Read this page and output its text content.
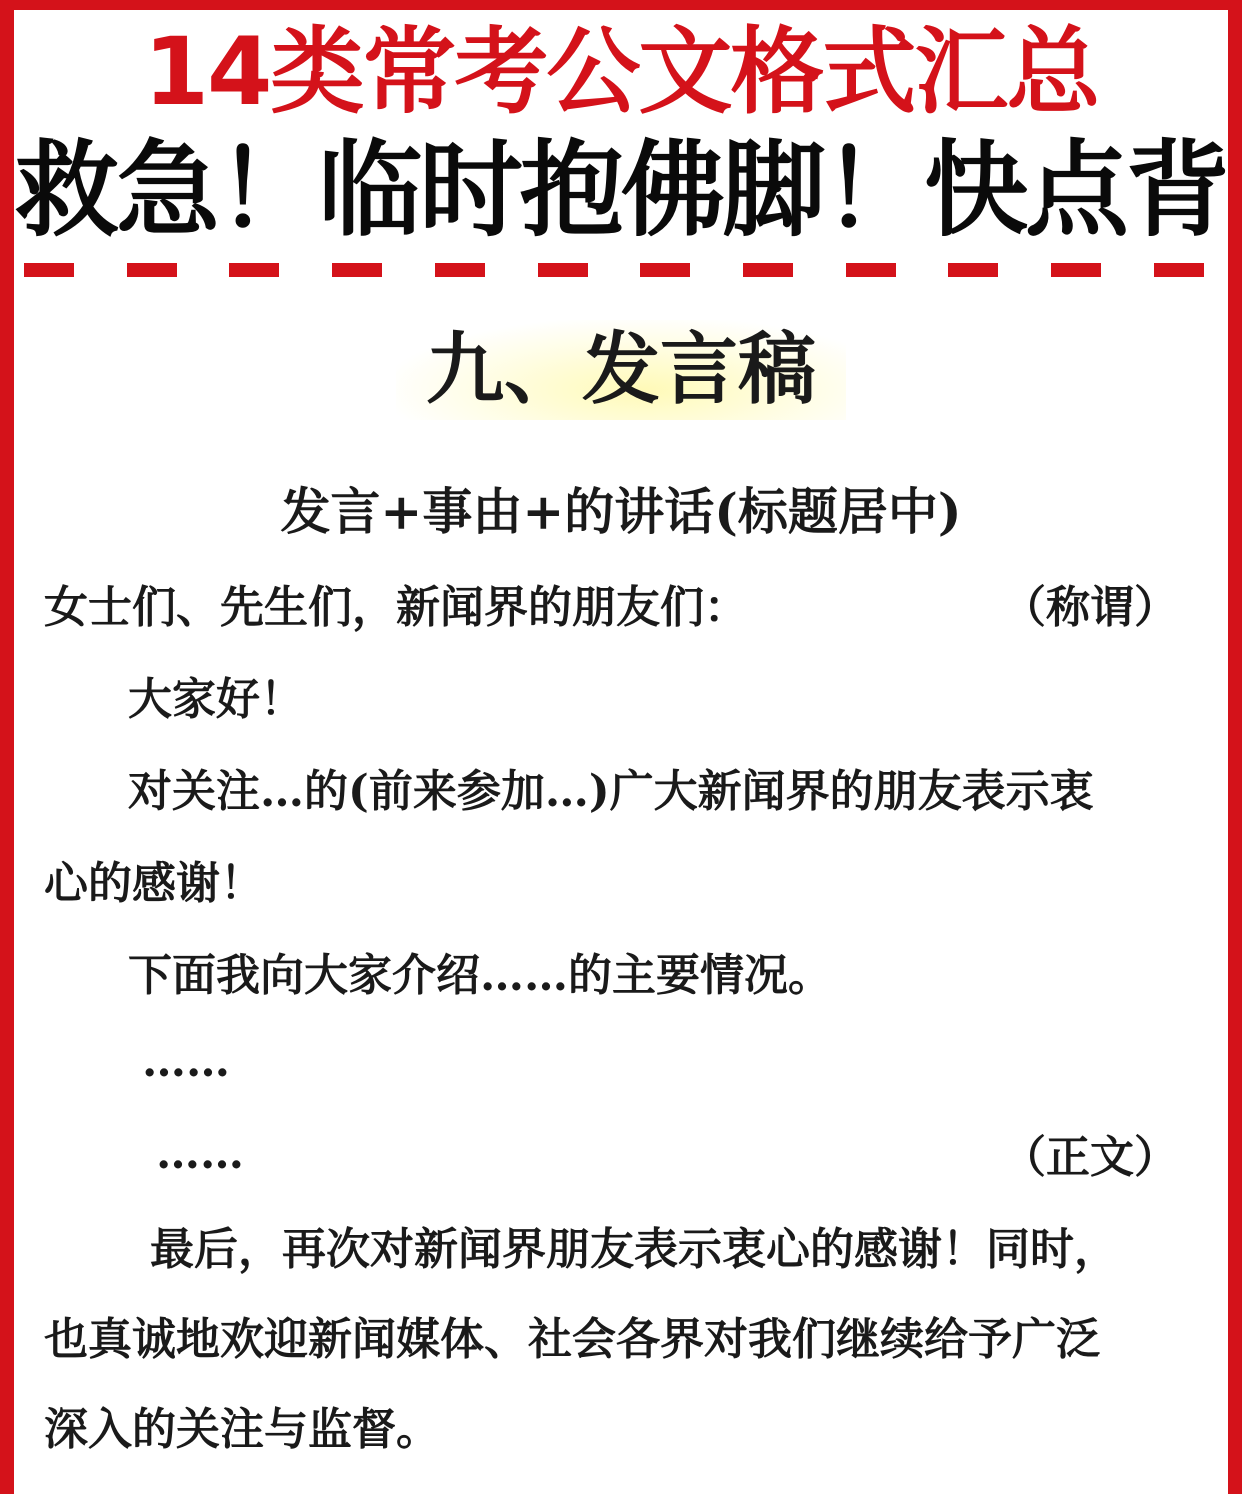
14类常考公文格式汇总
救急！临时抱佛脚！快点背
九、发言稿
发言+事由+的讲话(标题居中)
女士们、先生们，新闻界的朋友们：	（称谓）
大家好！
对关注…的(前来参加…)广大新闻界的朋友表示衷
心的感谢！
下面我向大家介绍……的主要情况。
……
……	（正文）
最后，再次对新闻界朋友表示衷心的感谢！同时，
也真诚地欢迎新闻媒体、社会各界对我们继续给予广泛
深入的关注与监督。
